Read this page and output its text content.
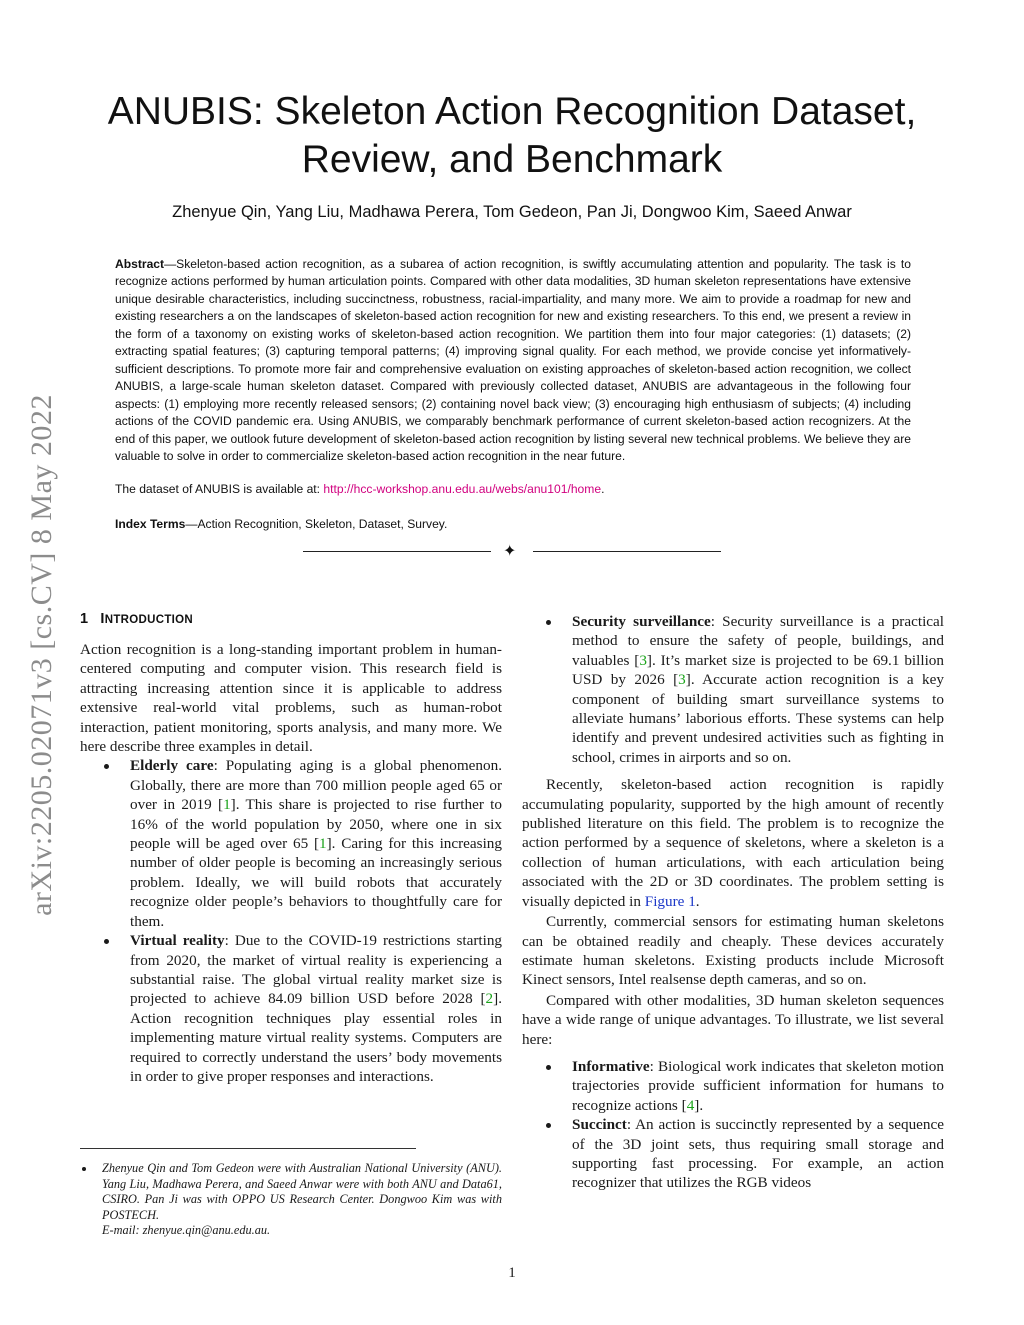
arXiv:2205.02071v3 [cs.CV] 8 May 2022
ANUBIS: Skeleton Action Recognition Dataset,
Review, and Benchmark
Zhenyue Qin, Yang Liu, Madhawa Perera, Tom Gedeon, Pan Ji, Dongwoo Kim, Saeed Anwar
Abstract—Skeleton-based action recognition, as a subarea of action recognition, is swiftly accumulating attention and popularity. The task is to recognize actions performed by human articulation points. Compared with other data modalities, 3D human skeleton representations have extensive unique desirable characteristics, including succinctness, robustness, racial-impartiality, and many more. We aim to provide a roadmap for new and existing researchers a on the landscapes of skeleton-based action recognition for new and existing researchers. To this end, we present a review in the form of a taxonomy on existing works of skeleton-based action recognition. We partition them into four major categories: (1) datasets; (2) extracting spatial features; (3) capturing temporal patterns; (4) improving signal quality. For each method, we provide concise yet informatively-sufficient descriptions. To promote more fair and comprehensive evaluation on existing approaches of skeleton-based action recognition, we collect ANUBIS, a large-scale human skeleton dataset. Compared with previously collected dataset, ANUBIS are advantageous in the following four aspects: (1) employing more recently released sensors; (2) containing novel back view; (3) encouraging high enthusiasm of subjects; (4) including actions of the COVID pandemic era. Using ANUBIS, we comparably benchmark performance of current skeleton-based action recognizers. At the end of this paper, we outlook future development of skeleton-based action recognition by listing several new technical problems. We believe they are valuable to solve in order to commercialize skeleton-based action recognition in the near future.
The dataset of ANUBIS is available at: http://hcc-workshop.anu.edu.au/webs/anu101/home.
Index Terms—Action Recognition, Skeleton, Dataset, Survey.
✦
1 INTRODUCTION

Action recognition is a long-standing important problem in human-centered computing and computer vision. This research field is attracting increasing attention since it is applicable to address extensive real-world vital problems, such as human-robot interaction, patient monitoring, sports analysis, and many more. We here describe three examples in detail.

Elderly care: Populating aging is a global phenomenon. Globally, there are more than 700 million people aged 65 or over in 2019 [1]. This share is projected to rise further to 16% of the world population by 2050, where one in six people will be aged over 65 [1]. Caring for this increasing number of older people is becoming an increasingly serious problem. Ideally, we will build robots that accurately recognize older people’s behaviors to thoughtfully care for them.
Virtual reality: Due to the COVID-19 restrictions starting from 2020, the market of virtual reality is experiencing a substantial raise. The global virtual reality market size is projected to achieve 84.09 billion USD before 2028 [2]. Action recognition techniques play essential roles in implementing mature virtual reality systems. Computers are required to correctly understand the users’ body movements in order to give proper responses and interactions.
Zhenyue Qin and Tom Gedeon were with Australian National University (ANU). Yang Liu, Madhawa Perera, and Saeed Anwar were with both ANU and Data61, CSIRO. Pan Ji was with OPPO US Research Center. Dongwoo Kim was with POSTECH.
E-mail: zhenyue.qin@anu.edu.au.
Security surveillance: Security surveillance is a practical method to ensure the safety of people, buildings, and valuables [3]. It’s market size is projected to be 69.1 billion USD by 2026 [3]. Accurate action recognition is a key component of building smart surveillance systems to alleviate humans’ laborious efforts. These systems can help identify and prevent undesired activities such as fighting in school, crimes in airports and so on.

Recently, skeleton-based action recognition is rapidly accumulating popularity, supported by the high amount of recently published literature on this field. The problem is to recognize the action performed by a sequence of skeletons, where a skeleton is a collection of human articulations, with each articulation being associated with the 2D or 3D coordinates. The problem setting is visually depicted in Figure 1.

Currently, commercial sensors for estimating human skeletons can be obtained readily and cheaply. These devices accurately estimate human skeletons. Existing products include Microsoft Kinect sensors, Intel realsense depth cameras, and so on.

Compared with other modalities, 3D human skeleton sequences have a wide range of unique advantages. To illustrate, we list several here:

Informative: Biological work indicates that skeleton motion trajectories provide sufficient information for humans to recognize actions [4].
Succinct: An action is succinctly represented by a sequence of the 3D joint sets, thus requiring small storage and supporting fast processing. For example, an action recognizer that utilizes the RGB videos
1
